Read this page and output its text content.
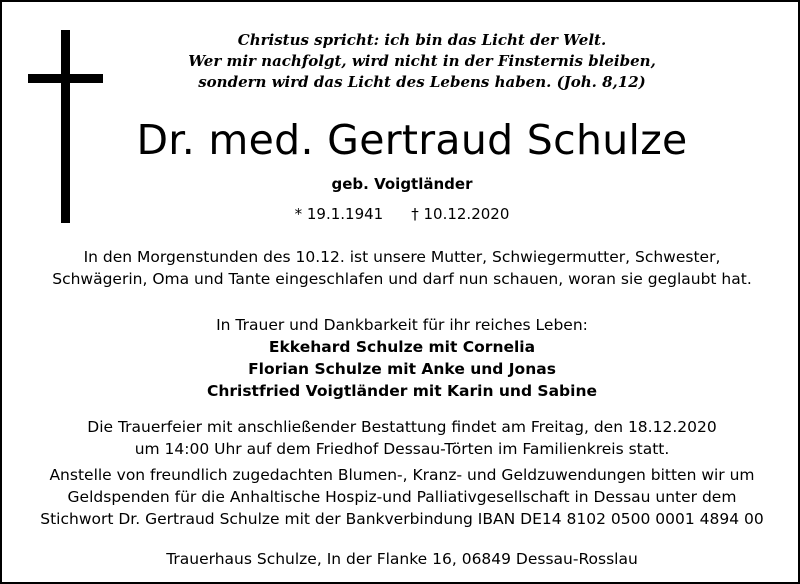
Christus spricht: ich bin das Licht der Welt.
Wer mir nachfolgt, wird nicht in der Finsternis bleiben,
sondern wird das Licht des Lebens haben. (Joh. 8,12)
Dr. med. Gertraud Schulze
geb. Voigtländer
* 19.1.1941 † 10.12.2020
In den Morgenstunden des 10.12. ist unsere Mutter, Schwiegermutter, Schwester,
Schwägerin, Oma und Tante eingeschlafen und darf nun schauen, woran sie geglaubt hat.
In Trauer und Dankbarkeit für ihr reiches Leben:
Ekkehard Schulze mit Cornelia
Florian Schulze mit Anke und Jonas
Christfried Voigtländer mit Karin und Sabine
Die Trauerfeier mit anschließender Bestattung findet am Freitag, den 18.12.2020
um 14:00 Uhr auf dem Friedhof Dessau-Törten im Familienkreis statt.
Anstelle von freundlich zugedachten Blumen-, Kranz- und Geldzuwendungen bitten wir um
Geldspenden für die Anhaltische Hospiz-und Palliativgesellschaft in Dessau unter dem
Stichwort Dr. Gertraud Schulze mit der Bankverbindung IBAN DE14 8102 0500 0001 4894 00
Trauerhaus Schulze, In der Flanke 16, 06849 Dessau-Rosslau
